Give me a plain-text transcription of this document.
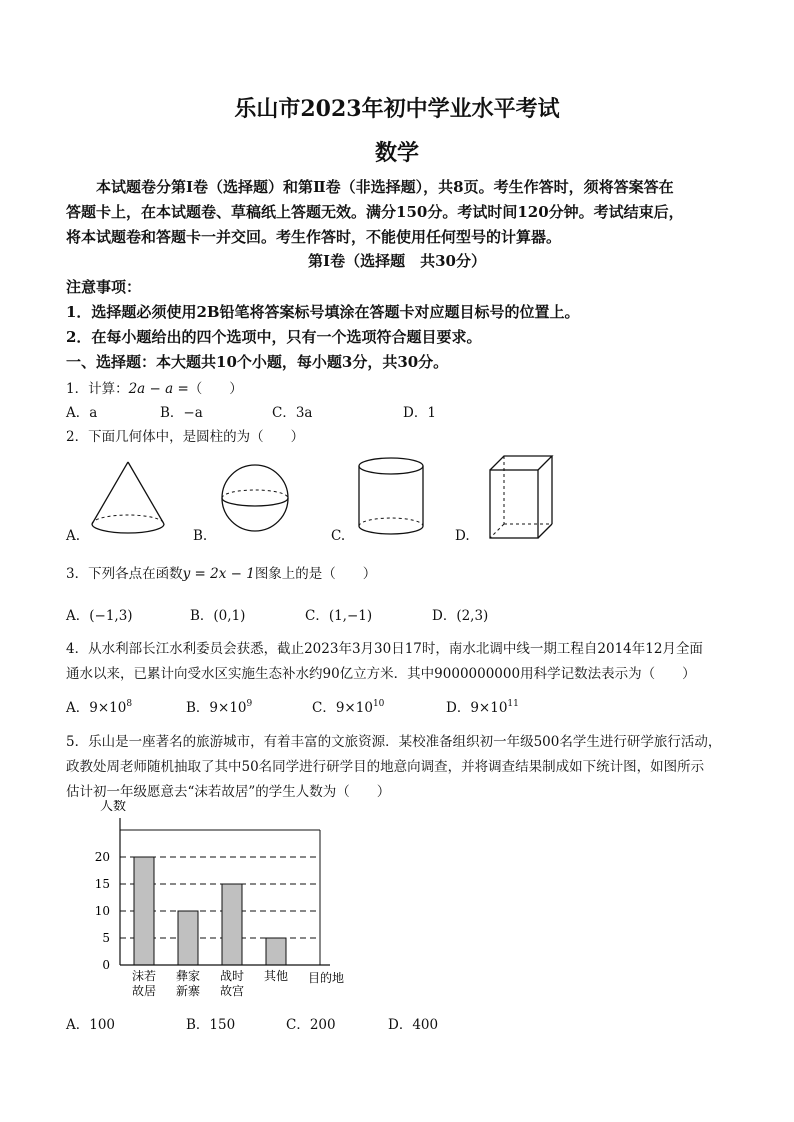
乐山市2023年初中学业水平考试
数学
本试题卷分第Ⅰ卷（选择题）和第Ⅱ卷（非选择题），共8页。考生作答时，须将答案答在
答题卡上，在本试题卷、草稿纸上答题无效。满分150分。考试时间120分钟。考试结束后，
将本试题卷和答题卡一并交回。考生作答时，不能使用任何型号的计算器。
第Ⅰ卷（选择题　共30分）
注意事项：
1．选择题必须使用2B铅笔将答案标号填涂在答题卡对应题目标号的位置上。
2．在每小题给出的四个选项中，只有一个选项符合题目要求。
一、选择题：本大题共10个小题，每小题3分，共30分。
1．计算：2a − a =（　　）
A．a	B．−a	C．3a	D．1
2．下面几何体中，是圆柱的为（　　）
A.	B.	C.	D.
3．下列各点在函数y = 2x − 1图象上的是（　　）
A．(−1,3)	B．(0,1)	C．(1,−1)	D．(2,3)
4．从水利部长江水利委员会获悉，截止2023年3月30日17时，南水北调中线一期工程自2014年12月全面
通水以来，已累计向受水区实施生态补水约90亿立方米．其中9000000000用科学记数法表示为（　　）
A．$9\times 10^8$	B．$9\times 10^9$	C．$9\times 10^{10}$	D．$9\times 10^{11}$
5．乐山是一座著名的旅游城市，有着丰富的文旅资源．某校准备组织初一年级500名学生进行研学旅行活动，
政教处周老师随机抽取了其中50名同学进行研学目的地意向调查，并将调查结果制成如下统计图，如图所示
估计初一年级愿意去“沫若故居”的学生人数为（　　）
0
5
10
15
20
沫若
故居
彝家
新寨
战时
故宫
其他
人数
目的地
A．100	B．150	C．200	D．400
